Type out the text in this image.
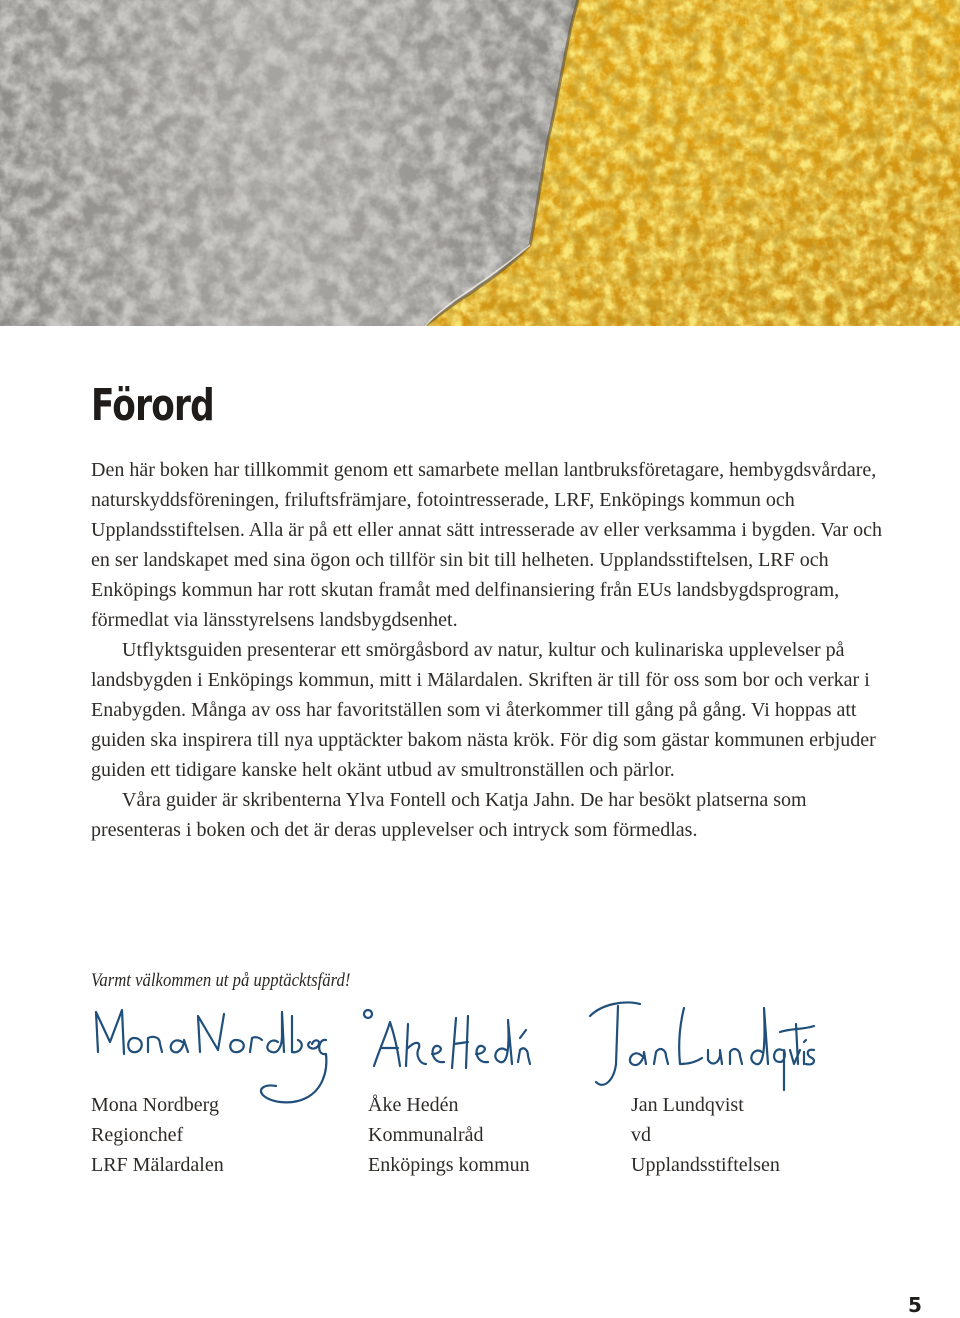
Förord

Den här boken har tillkommit genom ett samarbete mellan lantbruksföretagare, hembygdsvårdare, naturskyddsföreningen, friluftsfrämjare, fotointresserade, LRF, Enköpings kommun och Upplandsstiftelsen. Alla är på ett eller annat sätt intresserade av eller verksamma i bygden. Var och en ser landskapet med sina ögon och tillför sin bit till helheten. Upplandsstiftelsen, LRF och Enköpings kommun har rott skutan framåt med delfinansiering från EUs landsbygdsprogram, förmedlat via länsstyrelsens landsbygdsenhet.

Utflyktsguiden presenterar ett smörgåsbord av natur, kultur och kulinariska upplevelser på landsbygden i Enköpings kommun, mitt i Mälardalen. Skriften är till för oss som bor och verkar i Enabygden. Många av oss har favoritställen som vi återkommer till gång på gång. Vi hoppas att guiden ska inspirera till nya upptäckter bakom nästa krök. För dig som gästar kommunen erbjuder guiden ett tidigare kanske helt okänt utbud av smultronställen och pärlor.

Våra guider är skribenterna Ylva Fontell och Katja Jahn. De har besökt platserna som presenteras i boken och det är deras upplevelser och intryck som förmedlas.

Varmt välkommen ut på upptäcktsfärd!
Mona Nordberg
Regionchef
LRF Mälardalen
Åke Hedén
Kommunalråd
Enköpings kommun
Jan Lundqvist
vd
Upplandsstiftelsen
5
